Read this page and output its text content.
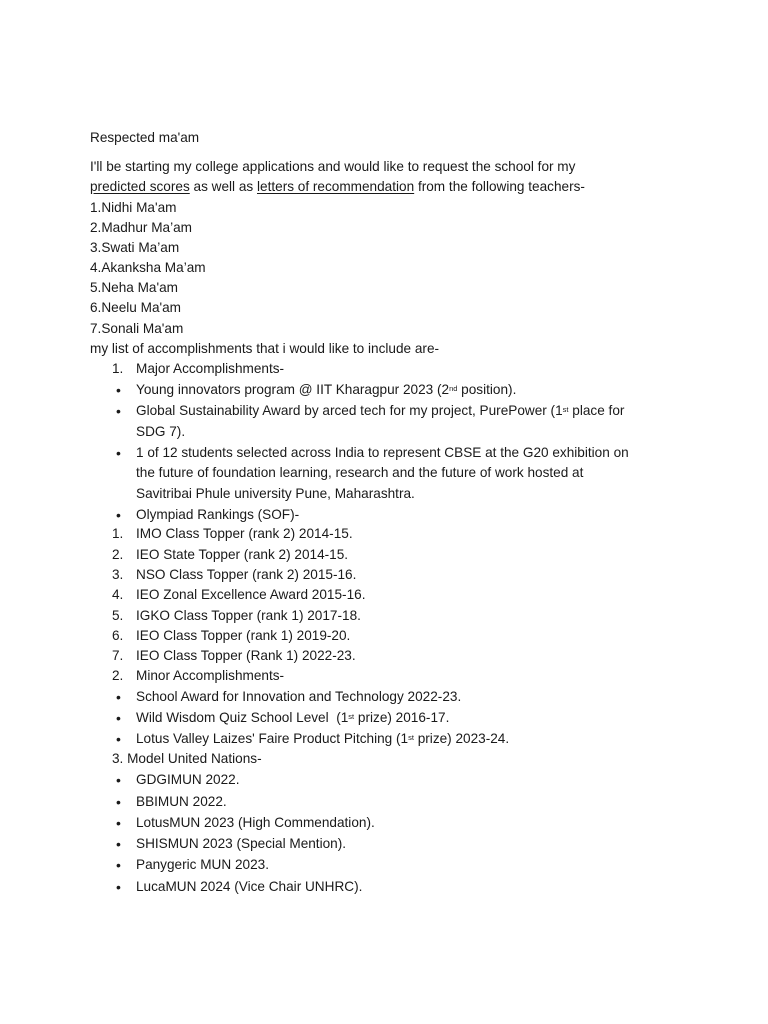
Respected ma'am
I'll be starting my college applications and would like to request the school for my
predicted scores as well as letters of recommendation from the following teachers-
1.Nidhi Ma'am
2.Madhur Ma’am
3.Swati Ma’am
4.Akanksha Ma’am
5.Neha Ma'am
6.Neelu Ma'am
7.Sonali Ma'am
my list of accomplishments that i would like to include are-
1. Major Accomplishments-
• Young innovators program @ IIT Kharagpur 2023 (2nd position).
• Global Sustainability Award by arced tech for my project, PurePower (1st place for
SDG 7).
• 1 of 12 students selected across India to represent CBSE at the G20 exhibition on
the future of foundation learning, research and the future of work hosted at
Savitribai Phule university Pune, Maharashtra.
• Olympiad Rankings (SOF)-
1. IMO Class Topper (rank 2) 2014-15.
2. IEO State Topper (rank 2) 2014-15.
3. NSO Class Topper (rank 2) 2015-16.
4. IEO Zonal Excellence Award 2015-16.
5. IGKO Class Topper (rank 1) 2017-18.
6. IEO Class Topper (rank 1) 2019-20.
7. IEO Class Topper (Rank 1) 2022-23.
2. Minor Accomplishments-
• School Award for Innovation and Technology 2022-23.
• Wild Wisdom Quiz School Level  (1st prize) 2016-17.
• Lotus Valley Laizes' Faire Product Pitching (1st prize) 2023-24.
3. Model United Nations-
• GDGIMUN 2022.
• BBIMUN 2022.
• LotusMUN 2023 (High Commendation).
• SHISMUN 2023 (Special Mention).
• Panygeric MUN 2023.
• LucaMUN 2024 (Vice Chair UNHRC).
